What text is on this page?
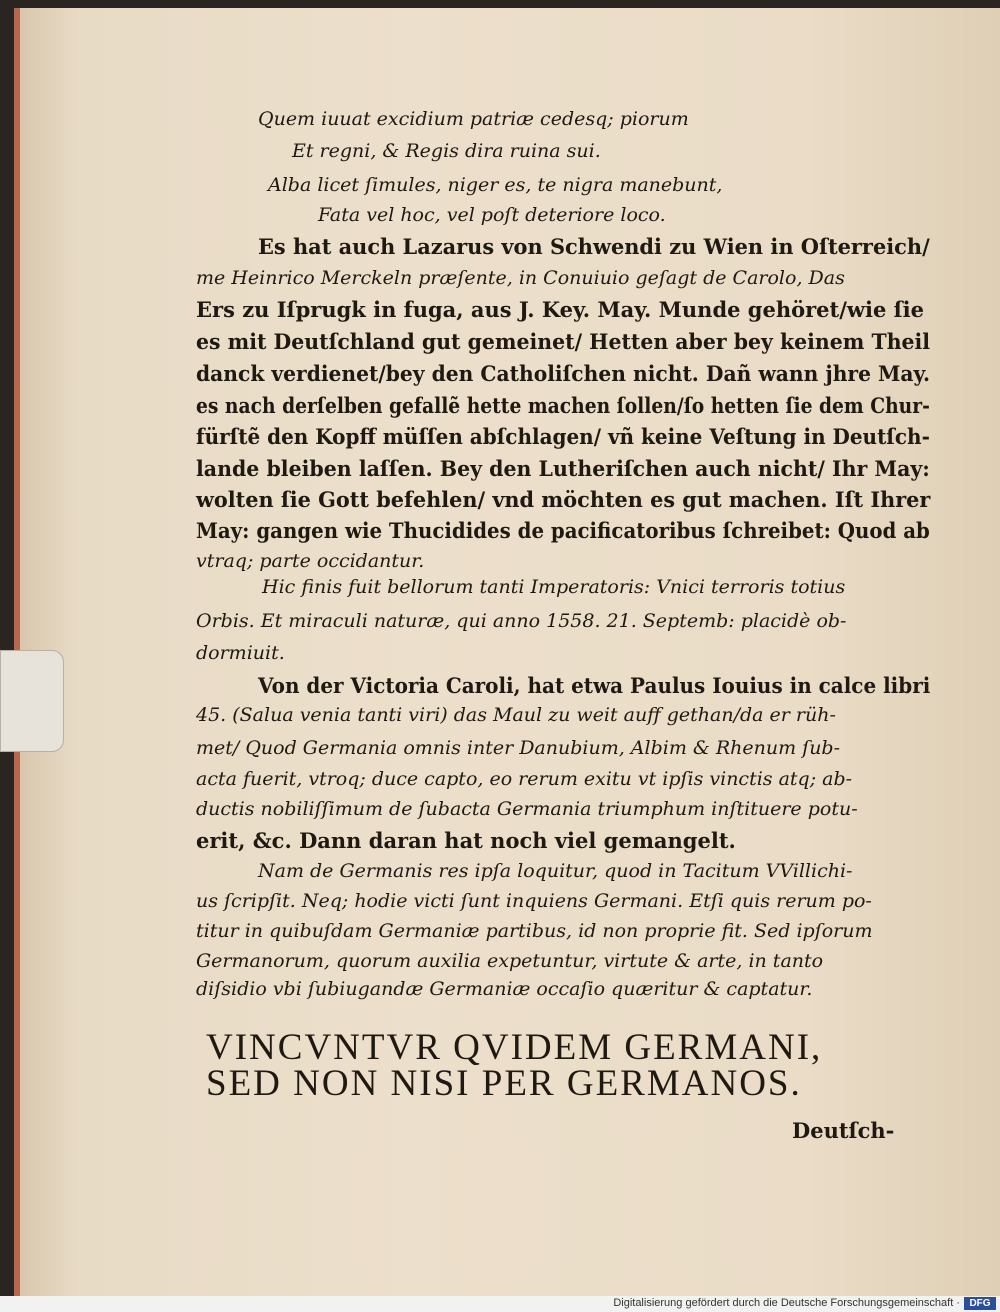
Quem iuuat excidium patriæ cedesq; piorum
Et regni, & Regis dira ruina sui.
Alba licet ſimules, niger es, te nigra manebunt,
Fata vel hoc, vel poſt deteriore loco.
Es hat auch Lazarus von Schwendi zu Wien in Oſterreich/
me Heinrico Merckeln præſente, in Conuiuio geſagt de Carolo, Das
Ers zu Iſprugk in fuga, aus J. Key. May. Munde gehöret/wie ſie
es mit Deutſchland gut gemeinet/ Hetten aber bey keinem Theil
danck verdienet/bey den Catholiſchen nicht. Dañ wann jhre May.
es nach derſelben gefallẽ hette machen ſollen/ſo hetten ſie dem Chur-
fürſtẽ den Kopff müſſen abſchlagen/ vñ keine Veſtung in Deutſch-
lande bleiben laſſen. Bey den Lutheriſchen auch nicht/ Ihr May:
wolten ſie Gott befehlen/ vnd möchten es gut machen. Iſt Ihrer
May: gangen wie Thucidides de pacificatoribus ſchreibet: Quod ab
vtraq; parte occidantur.
Hic finis fuit bellorum tanti Imperatoris: Vnici terroris totius
Orbis. Et miraculi naturæ, qui anno 1558. 21. Septemb: placidè ob-
dormiuit.
Von der Victoria Caroli, hat etwa Paulus Iouius in calce libri
45. (Salua venia tanti viri) das Maul zu weit auff gethan/da er rüh-
met/ Quod Germania omnis inter Danubium, Albim & Rhenum ſub-
acta fuerit, vtroq; duce capto, eo rerum exitu vt ipſis vinctis atq; ab-
ductis nobiliſſimum de ſubacta Germania triumphum inſtituere potu-
erit, &c. Dann daran hat noch viel gemangelt.
Nam de Germanis res ipſa loquitur, quod in Tacitum VVillichi-
us ſcripſit. Neq; hodie victi ſunt inquiens Germani. Etſi quis rerum po-
titur in quibuſdam Germaniæ partibus, id non proprie fit. Sed ipſorum
Germanorum, quorum auxilia expetuntur, virtute & arte, in tanto
diſsidio vbi ſubiugandæ Germaniæ occaſio quæritur & captatur.
VINCVNTVR QVIDEM GERMANI,
SED NON NISI PER GERMANOS.
Deutſch-
Digitalisierung gefördert durch die Deutsche Forschungsgemeinschaft · DFG
